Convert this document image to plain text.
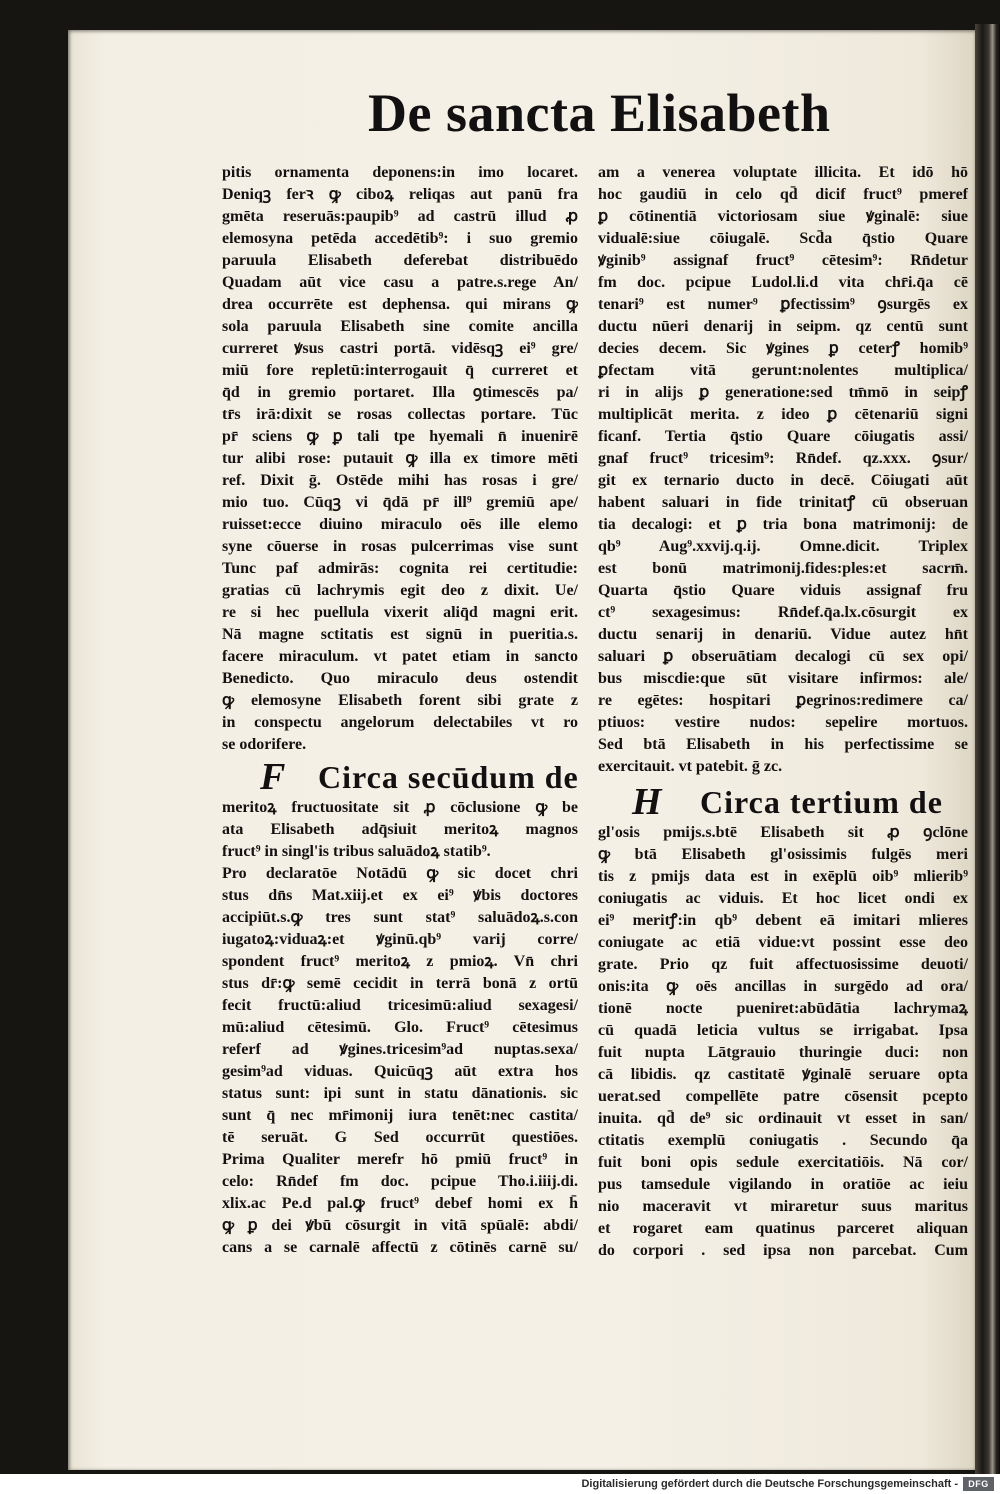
De sancta Elisabeth
pitis ornamenta deponens:in imo locaret.
Deniqꝫ ferꝛ ꝙ ciboꝝ reliqas aut panū fra
gmēta reseruās:paupib⁹ ad castrū illud ꝓ
elemosyna petēda accedētib⁹: i suo gremio
paruula Elisabeth deferebat distribuēdo
Quadam aūt vice casu a patre.s.rege An/
drea occurrēte est dephensa. qui mirans ꝙ
sola paruula Elisabeth sine comite ancilla
curreret ꝟsus castri portā. vidēsqꝫ ei⁹ gre/
miū fore repletū:interrogauit q̄ curreret et
q̄d in gremio portaret. Illa ꝯtimescēs pa/
tr̄s irā:dixit se rosas collectas portare. Tūc
pr̄ sciens ꝙ ꝑ tali tpe hyemali n̄ inuenirē
tur alibi rose: putauit ꝙ illa ex timore mēti
ref. Dixit ḡ. Ostēde mihi has rosas i gre/
mio tuo. Cūqꝫ vi q̄dā pr̄ ill⁹ gremiū ape/
ruisset:ecce diuino miraculo oēs ille elemo
syne cōuerse in rosas pulcerrimas vise sunt
Tunc paf admirās: cognita rei certitudie:
gratias cū lachrymis egit deo z dixit. Ue/
re si hec puellula vixerit aliq̄d magni erit.
Nā magne sctitatis est signū in pueritia.s.
facere miraculum. vt patet etiam in sancto
Benedicto. Quo miraculo deus ostendit
ꝙ elemosyne Elisabeth forent sibi grate z
in conspectu angelorum delectabiles vt ro
se odorifere.
F Circa secūdum de
meritoꝝ fructuositate sit ꝓ cōclusione ꝙ be
ata Elisabeth adq̄siuit meritoꝝ magnos
fruct⁹ in singl'is tribus saluādoꝝ statib⁹.
Pro declaratōe Notādū ꝙ sic docet chri
stus dn̄s Mat.xiij.et ex ei⁹ ꝟbis doctores
accipiūt.s.ꝙ tres sunt stat⁹ saluādoꝝ.s.con
iugatoꝝ:viduaꝝ:et ꝟginū.qb⁹ varij corre/
spondent fruct⁹ meritoꝝ z pmioꝝ. Vn̄ chri
stus dr̄:ꝙ semē cecidit in terrā bonā z ortū
fecit fructū:aliud tricesimū:aliud sexagesi/
mū:aliud cētesimū. Glo. Fruct⁹ cētesimus
referf ad ꝟgines.tricesim⁹ad nuptas.sexa/
gesim⁹ad viduas. Quicūqꝫ aūt extra hos
status sunt: ipi sunt in statu dānationis. sic
sunt q̄ nec mr̄imonij iura tenēt:nec castita/
tē seruāt. G Sed occurrūt questiōes.
Prima Qualiter merefr hō pmiū fruct⁹ in
celo: Rn̄def fm doc. pcipue Tho.i.iiij.di.
xlix.ac Pe.d pal.ꝙ fruct⁹ debef homi ex h̄
ꝙ ꝑ dei ꝟbū cōsurgit in vitā spūalē: abdi/
cans a se carnalē affectū z cōtinēs carnē su/
am a venerea voluptate illicita. Et idō hō
hoc gaudiū in celo qd̄ dicif fruct⁹ pmeref
ꝑ cōtinentiā victoriosam siue ꝟginalē: siue
vidualē:siue cōiugalē. Scd̄a q̄stio Quare
ꝟginib⁹ assignaf fruct⁹ cētesim⁹: Rn̄detur
fm doc. pcipue Ludol.li.d vita chr̄i.q̄a cē
tenari⁹ est numer⁹ ꝑfectissim⁹ ꝯsurgēs ex
ductu nūeri denarij in seipm. qz centū sunt
decies decem. Sic ꝟgines ꝑ ceterꝭ homib⁹
ꝑfectam vitā gerunt:nolentes multiplica/
ri in alijs ꝑ generatione:sed tm̄mō in seipꝭ
multiplicāt merita. z ideo ꝑ cētenariū signi
ficanf. Tertia q̄stio Quare cōiugatis assi/
gnaf fruct⁹ tricesim⁹: Rn̄def. qz.xxx. ꝯsur/
git ex ternario ducto in decē. Cōiugati aūt
habent saluari in fide trinitatꝭ cū obseruan
tia decalogi: et ꝑ tria bona matrimonij: de
qb⁹ Aug⁹.xxvij.q.ij. Omne.dicit. Triplex
est bonū matrimonij.fides:ples:et sacrm̄.
Quarta q̄stio Quare viduis assignaf fru
ct⁹ sexagesimus: Rn̄def.q̄a.lx.cōsurgit ex
ductu senarij in denariū. Vidue autez hn̄t
saluari ꝑ obseruātiam decalogi cū sex opi/
bus miscdie:que sūt visitare infirmos: ale/
re egētes: hospitari ꝑegrinos:redimere ca/
ptiuos: vestire nudos: sepelire mortuos.
Sed btā Elisabeth in his perfectissime se
exercitauit. vt patebit. ḡ zc.
H Circa tertium de
gl'osis pmijs.s.btē Elisabeth sit ꝓ ꝯclōne
ꝙ btā Elisabeth gl'osissimis fulgēs meri
tis z pmijs data est in exēplū oib⁹ mlierib⁹
coniugatis ac viduis. Et hoc licet ondi ex
ei⁹ meritꝭ:in qb⁹ debent eā imitari mlieres
coniugate ac etiā vidue:vt possint esse deo
grate. Prio qz fuit affectuosissime deuoti/
onis:ita ꝙ oēs ancillas in surgēdo ad ora/
tionē nocte pueniret:abūdātia lachrymaꝝ
cū quadā leticia vultus se irrigabat. Ipsa
fuit nupta Lātgrauio thuringie duci: non
cā libidis. qz castitatē ꝟginalē seruare opta
uerat.sed compellēte patre cōsensit pcepto
inuita. qd̄ de⁹ sic ordinauit vt esset in san/
ctitatis exemplū coniugatis . Secundo q̄a
fuit boni opis sedule exercitatiōis. Nā cor/
pus tamsedule vigilando in oratiōe ac ieiu
nio maceravit vt miraretur suus maritus
et rogaret eam quatinus parceret aliquan
do corpori . sed ipsa non parcebat. Cum
Digitalisierung gefördert durch die Deutsche Forschungsgemeinschaft -	DFG
